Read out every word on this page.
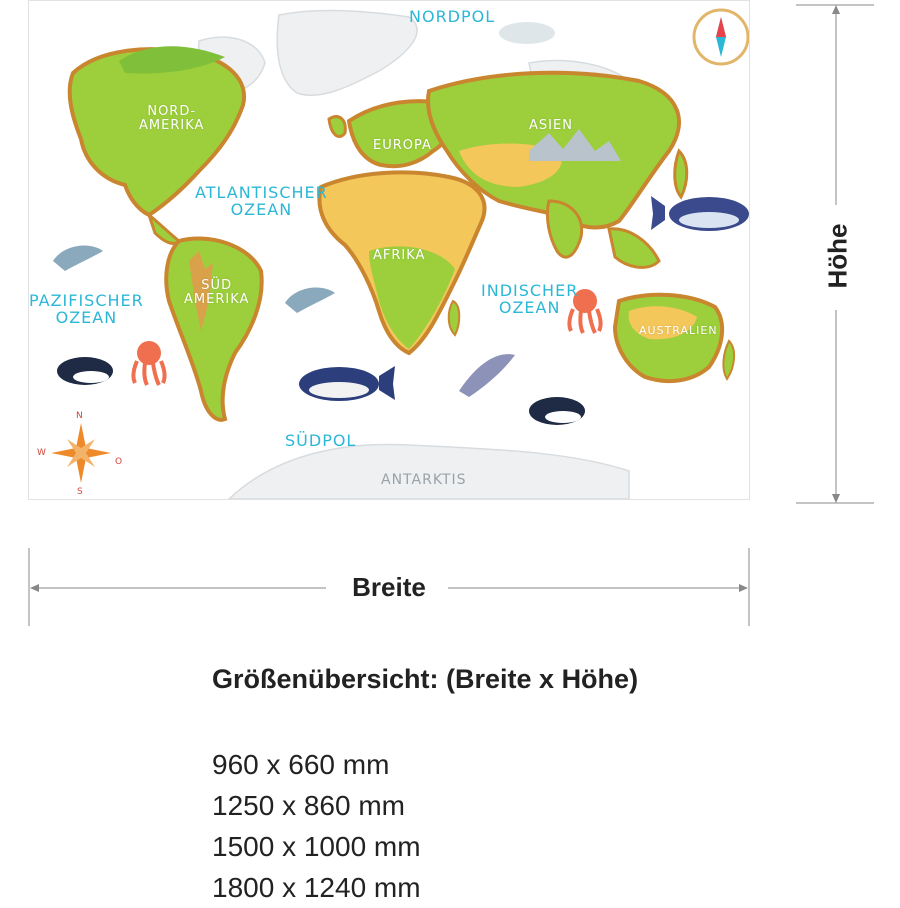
NORDPOL
SÜDPOL
ATLANTISCHER
OZEAN
PAZIFISCHER
OZEAN
INDISCHER
OZEAN
NORD-
AMERIKA
SÜD
AMERIKA
EUROPA
ASIEN
AFRIKA
AUSTRALIEN
ANTARKTIS
N
S
W
O
Höhe
Breite
Größenübersicht: (Breite x Höhe)
960 x 660 mm
1250 x 860 mm
1500 x 1000 mm
1800 x 1240 mm
